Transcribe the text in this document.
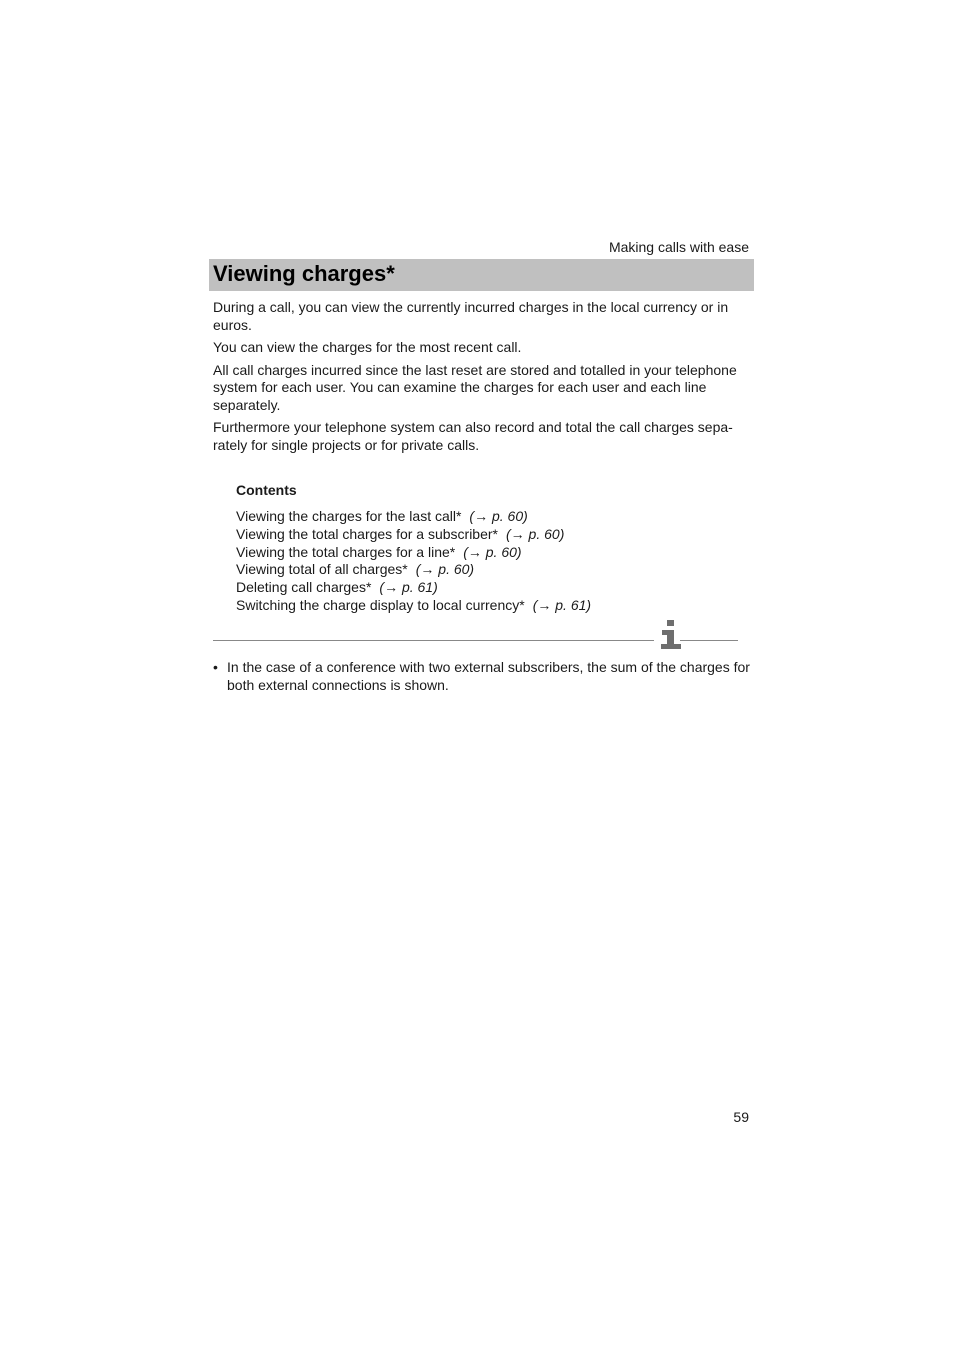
Making calls with ease
Viewing charges*

During a call, you can view the currently incurred charges in the local currency or in euros.

You can view the charges for the most recent call.

All call charges incurred since the last reset are stored and totalled in your telephone system for each user. You can examine the charges for each user and each line separately.

Furthermore your telephone system can also record and total the call charges sepa-rately for single projects or for private calls.

Contents
Viewing the charges for the last call* (→ p. 60)
Viewing the total charges for a subscriber* (→ p. 60)
Viewing the total charges for a line* (→ p. 60)
Viewing total of all charges* (→ p. 60)
Deleting call charges* (→ p. 61)
Switching the charge display to local currency* (→ p. 61)
• In the case of a conference with two external subscribers, the sum of the charges for both external connections is shown.
59
